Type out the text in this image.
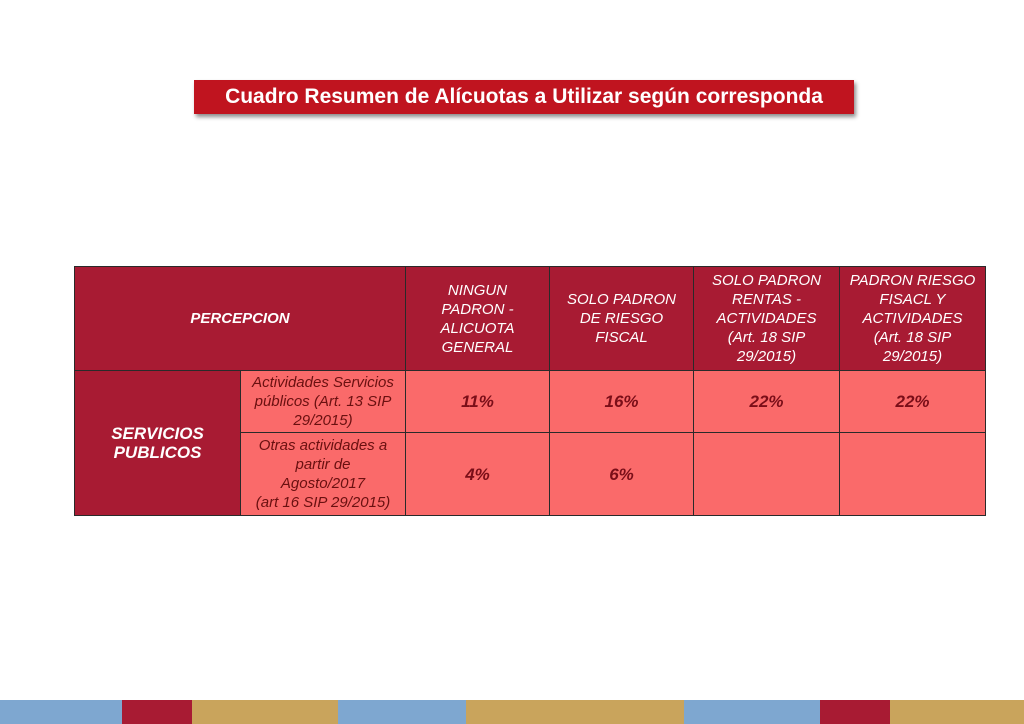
Cuadro Resumen de Alícuotas a Utilizar según corresponda
PERCEPCION		NINGUN
PADRON -
ALICUOTA
GENERAL	SOLO PADRON
DE RIESGO
FISCAL	SOLO PADRON
RENTAS -
ACTIVIDADES
(Art. 18 SIP
29/2015)	PADRON RIESGO
FISACL Y
ACTIVIDADES
(Art. 18 SIP
29/2015)
SERVICIOS
PUBLICOS	Actividades Servicios
públicos (Art. 13 SIP
29/2015)	11%	16%	22%	22%
	Otras actividades a
partir de
Agosto/2017
(art 16 SIP 29/2015)	4%	6%		
